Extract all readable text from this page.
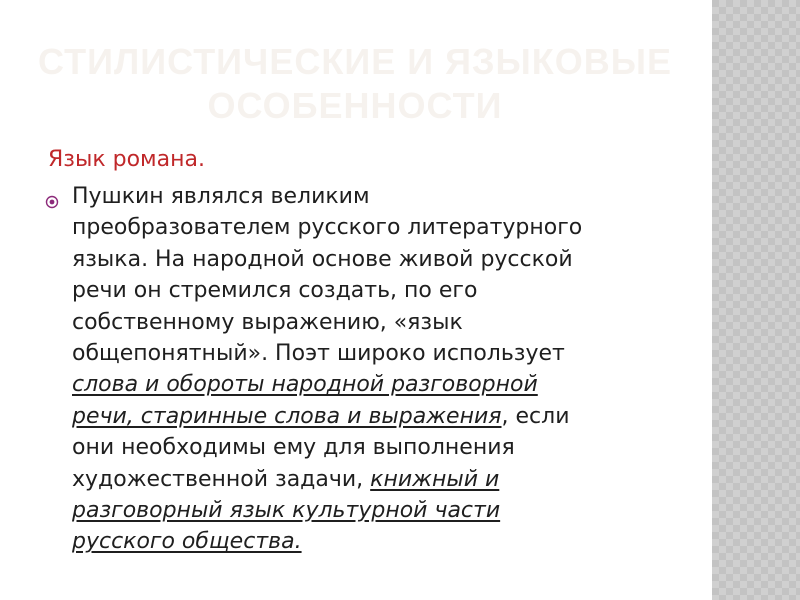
СТИЛИСТИЧЕСКИЕ И ЯЗЫКОВЫЕ
ОСОБЕННОСТИ

Язык романа.

Пушкин являлся великим
преобразователем русского литературного
языка. На народной основе живой русской
речи он стремился создать, по его
собственному выражению, «язык
общепонятный». Поэт широко использует
слова и обороты народной разговорной
речи, старинные слова и выражения, если
они необходимы ему для выполнения
художественной задачи, книжный и
разговорный язык культурной части
русского общества.
